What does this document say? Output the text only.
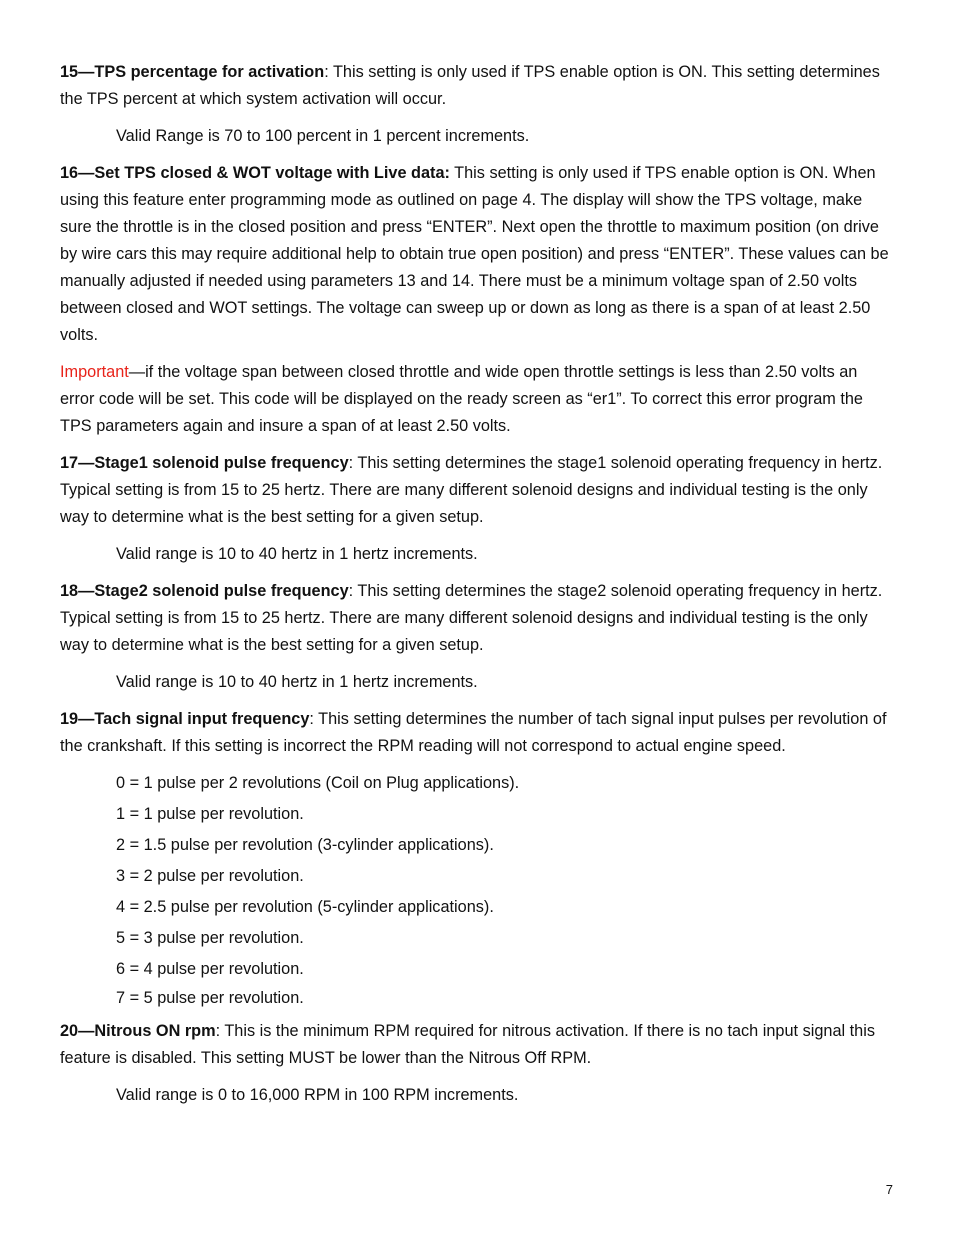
15—TPS percentage for activation: This setting is only used if TPS enable option is ON. This setting determines the TPS percent at which system activation will occur.

Valid Range is 70 to 100 percent in 1 percent increments.

16—Set TPS closed & WOT voltage with Live data: This setting is only used if TPS enable option is ON. When using this feature enter programming mode as outlined on page 4. The display will show the TPS voltage, make sure the throttle is in the closed position and press “ENTER”. Next open the throttle to maximum position (on drive by wire cars this may require additional help to obtain true open position) and press “ENTER”. These values can be manually adjusted if needed using parameters 13 and 14. There must be a minimum voltage span of 2.50 volts between closed and WOT settings. The voltage can sweep up or down as long as there is a span of at least 2.50 volts.

Important—if the voltage span between closed throttle and wide open throttle settings is less than 2.50 volts an error code will be set. This code will be displayed on the ready screen as “er1”. To correct this error program the TPS parameters again and insure a span of at least 2.50 volts.

17—Stage1 solenoid pulse frequency: This setting determines the stage1 solenoid operating frequency in hertz. Typical setting is from 15 to 25 hertz. There are many different solenoid designs and individual testing is the only way to determine what is the best setting for a given setup.

Valid range is 10 to 40 hertz in 1 hertz increments.

18—Stage2 solenoid pulse frequency: This setting determines the stage2 solenoid operating frequency in hertz. Typical setting is from 15 to 25 hertz. There are many different solenoid designs and individual testing is the only way to determine what is the best setting for a given setup.

Valid range is 10 to 40 hertz in 1 hertz increments.

19—Tach signal input frequency: This setting determines the number of tach signal input pulses per revolution of the crankshaft. If this setting is incorrect the RPM reading will not correspond to actual engine speed.

0 = 1 pulse per 2 revolutions (Coil on Plug applications).
1 = 1 pulse per revolution.
2 = 1.5 pulse per revolution (3-cylinder applications).
3 = 2 pulse per revolution.
4 = 2.5 pulse per revolution (5-cylinder applications).
5 = 3 pulse per revolution.
6 = 4 pulse per revolution.
7 = 5 pulse per revolution.

20—Nitrous ON rpm: This is the minimum RPM required for nitrous activation. If there is no tach input signal this feature is disabled. This setting MUST be lower than the Nitrous Off RPM.

Valid range is 0 to 16,000 RPM in 100 RPM increments.

7
